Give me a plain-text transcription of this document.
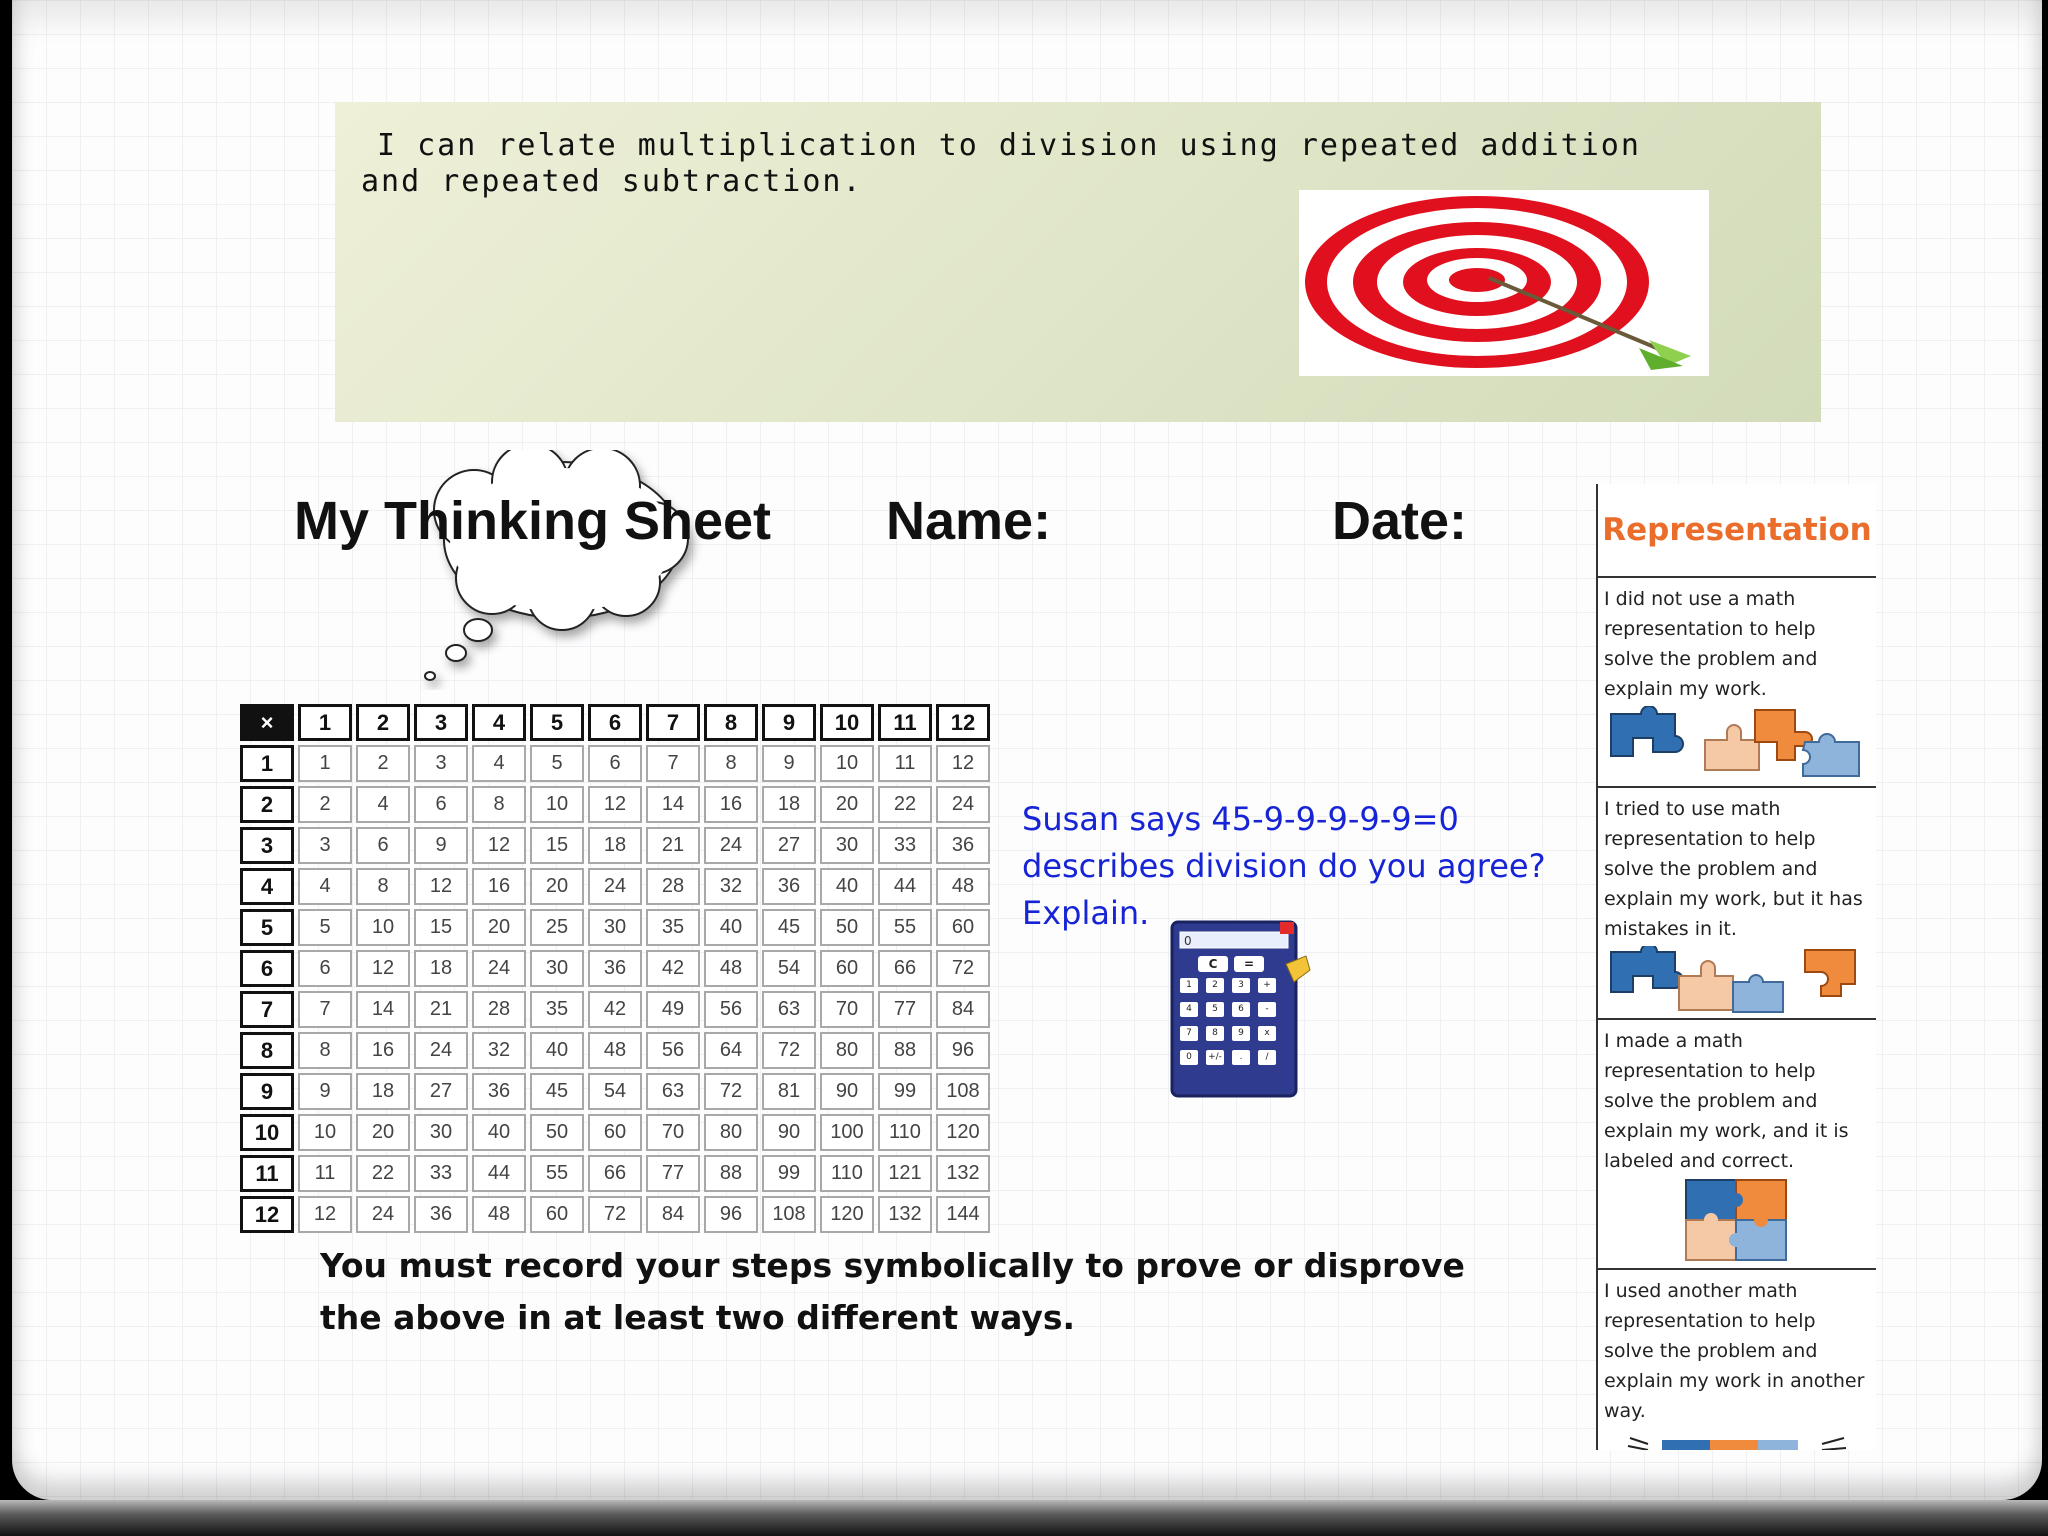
I can relate multiplication to division using repeated addition and repeated subtraction.

Name:	Date:
My Thinking Sheet
×	1	2	3	4	5	6	7	8	9	10	11	12
1	1	2	3	4	5	6	7	8	9	10	11	12
2	2	4	6	8	10	12	14	16	18	20	22	24
3	3	6	9	12	15	18	21	24	27	30	33	36
4	4	8	12	16	20	24	28	32	36	40	44	48
5	5	10	15	20	25	30	35	40	45	50	55	60
6	6	12	18	24	30	36	42	48	54	60	66	72
7	7	14	21	28	35	42	49	56	63	70	77	84
8	8	16	24	32	40	48	56	64	72	80	88	96
9	9	18	27	36	45	54	63	72	81	90	99	108
10	10	20	30	40	50	60	70	80	90	100	110	120
11	11	22	33	44	55	66	77	88	99	110	121	132
12	12	24	36	48	60	72	84	96	108	120	132	144
Susan says 45-9-9-9-9-9=0
describes division do you agree?
Explain.
0
C	=
1	2	3	+
4	5	6	-
7	8	9	x
0	+/-	.	/

You must record your steps symbolically to prove or disprove the above in at least two different ways.

Representation

I did not use a math representation to help solve the problem and explain my work.

I tried to use math representation to help solve the problem and explain my work, but it has mistakes in it.

I made a math representation to help solve the problem and explain my work, and it is labeled and correct.

I used another math representation to help solve the problem and explain my work in another way.
